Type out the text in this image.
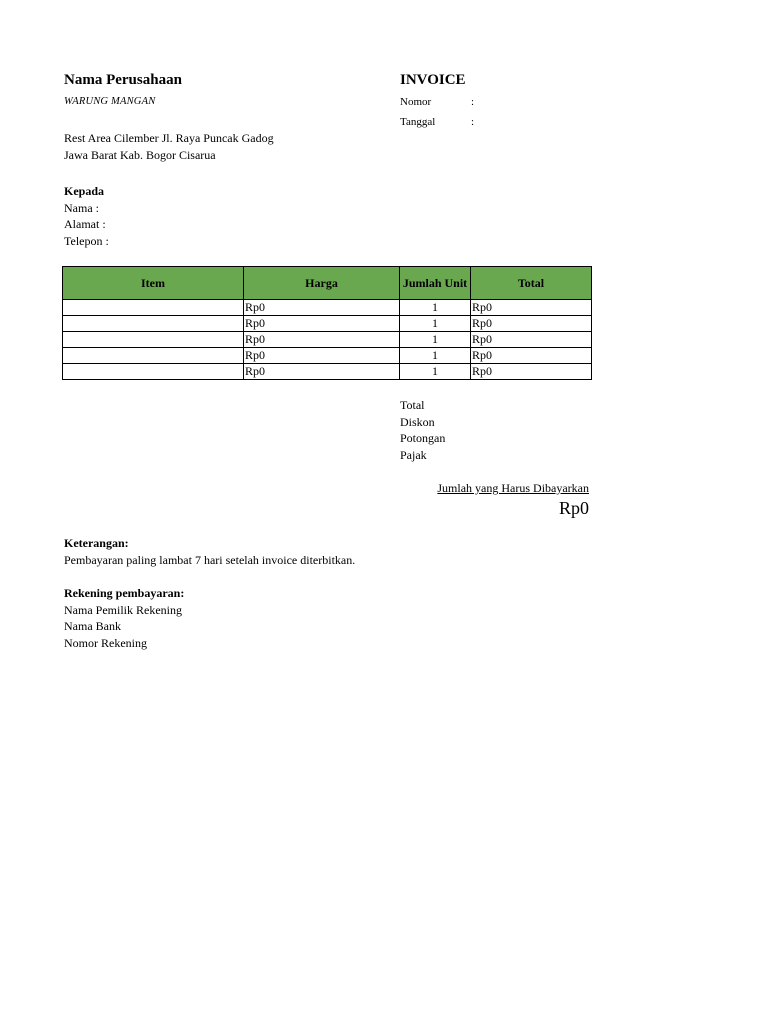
Nama Perusahaan
WARUNG MANGAN
Rest Area Cilember Jl. Raya Puncak Gadog
Jawa Barat Kab. Bogor Cisarua
INVOICE
Nomor	:
Tanggal	:
Kepada
Nama :
Alamat :
Telepon :
Item	Harga	Jumlah Unit	Total
	Rp0	1	Rp0
	Rp0	1	Rp0
	Rp0	1	Rp0
	Rp0	1	Rp0
	Rp0	1	Rp0
Total
Diskon
Potongan
Pajak
Jumlah yang Harus Dibayarkan
Rp0
Keterangan:
Pembayaran paling lambat 7 hari setelah invoice diterbitkan.
Rekening pembayaran:
Nama Pemilik Rekening
Nama Bank
Nomor Rekening
